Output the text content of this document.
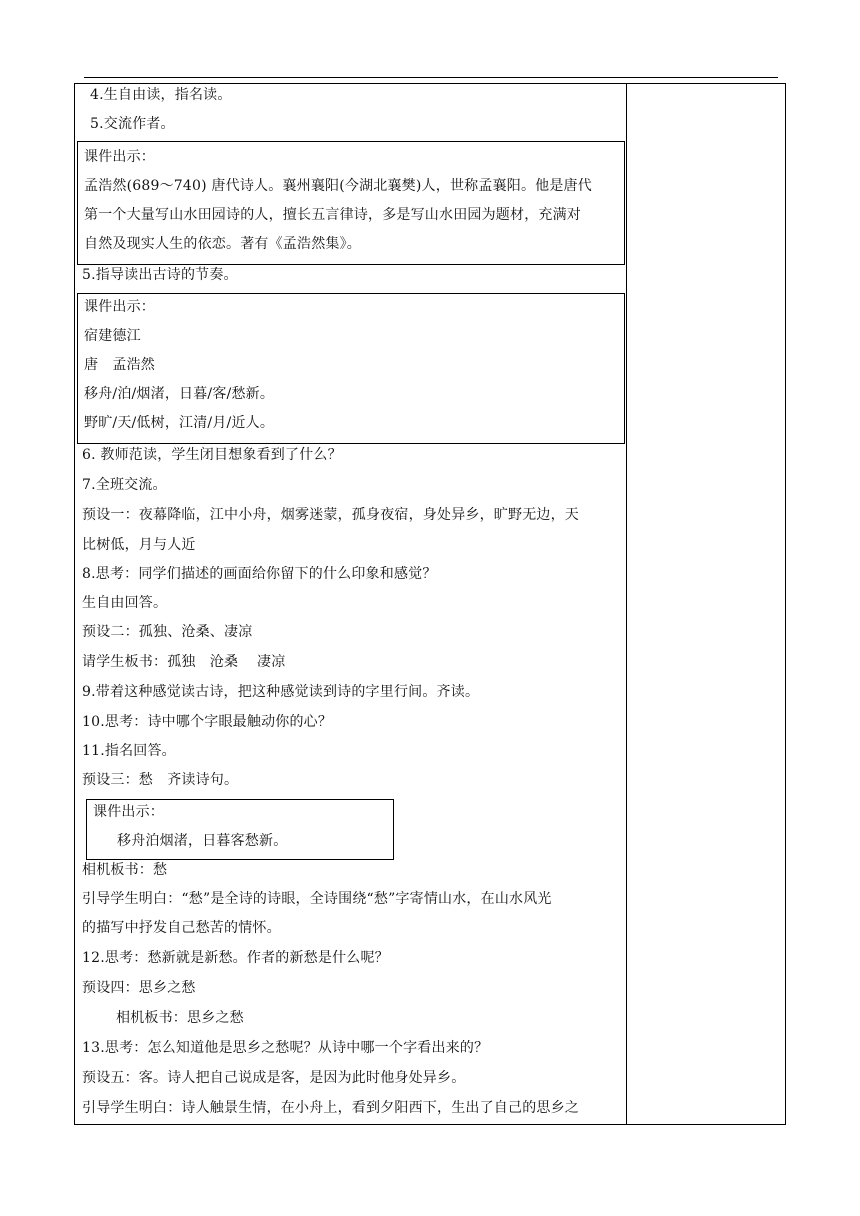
4.生自由读，指名读。
5.交流作者。
课件出示：
孟浩然(689～740) 唐代诗人。襄州襄阳(今湖北襄樊)人，世称孟襄阳。他是唐代
第一个大量写山水田园诗的人，擅长五言律诗，多是写山水田园为题材，充满对
自然及现实人生的依恋。著有《孟浩然集》。
5.指导读出古诗的节奏。
课件出示：
宿建德江
唐　孟浩然
移舟/泊/烟渚，日暮/客/愁新。
野旷/天/低树，江清/月/近人。
6. 教师范读，学生闭目想象看到了什么？
7.全班交流。
预设一：夜幕降临，江中小舟，烟雾迷蒙，孤身夜宿，身处异乡，旷野无边，天
比树低，月与人近
8.思考：同学们描述的画面给你留下的什么印象和感觉？
生自由回答。
预设二：孤独、沧桑、凄凉
请学生板书：孤独　沧桑　 凄凉
9.带着这种感觉读古诗，把这种感觉读到诗的字里行间。齐读。
10.思考：诗中哪个字眼最触动你的心？
11.指名回答。
预设三：愁　齐读诗句。
课件出示：
移舟泊烟渚，日暮客愁新。
相机板书：愁
引导学生明白：“愁”是全诗的诗眼，全诗围绕“愁”字寄情山水，在山水风光
的描写中抒发自己愁苦的情怀。
12.思考：愁新就是新愁。作者的新愁是什么呢？
预设四：思乡之愁
相机板书：思乡之愁
13.思考：怎么知道他是思乡之愁呢？从诗中哪一个字看出来的？
预设五：客。诗人把自己说成是客，是因为此时他身处异乡。
引导学生明白：诗人触景生情，在小舟上，看到夕阳西下，生出了自己的思乡之
